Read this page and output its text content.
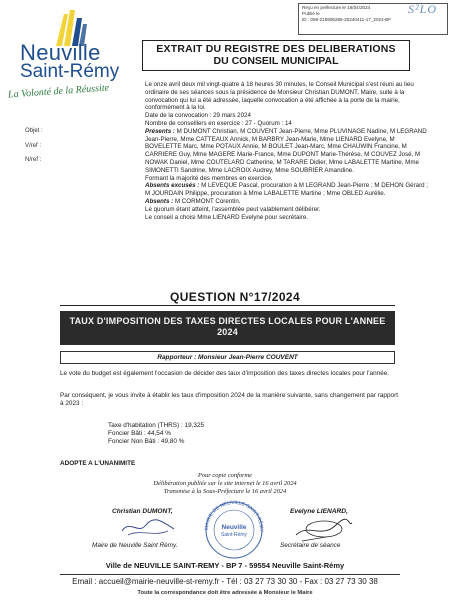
Reçu en préfecture le 16/04/2024
Publié le
ID : 059-215906285-20240411-17_2024-BF
S²LO
Neuville
Saint-Rémy
La Volonté de la Réussite
EXTRAIT DU REGISTRE DES DELIBERATIONS
DU CONSEIL MUNICIPAL
Objet :
V/ref :
N/ref :

Le onze avril deux mil vingt-quatre à 18 heures 30 minutes, le Conseil Municipal s'est réuni au lieu ordinaire de ses séances sous la présidence de Monsieur Christian DUMONT, Maire, suite à la convocation qui lui a été adressée, laquelle convocation a été affichée à la porte de la mairie, conformément à la loi.

Date de la convocation : 29 mars 2024

Nombre de conseillers en exercice : 27 - Quorum : 14

Présents : M DUMONT Christian, M COUVENT Jean-Pierre, Mme PLUVINAGE Nadine, M LEGRAND Jean-Pierre, Mme CATTEAUX Annick, M BARBRY Jean-Marie, Mme LIENARD Evelyne, M BOVELETTE Marc, Mme POTAUX Annie, M BOULET Jean-Marc, Mme CHAUWIN Francine, M CARRIERE Guy, Mme MAGERE Marie-France, Mme DUPONT Marie-Thérèse, M COUVEZ José, M NOWAK Daniel, Mme COUTELARD Catherine, M TARARE Didier, Mme LABALETTE Martine, Mme SIMONETTI Sandrine, Mme LACROIX Audrey, Mme SOUBRIER Amandine.

Formant la majorité des membres en exercice.

Absents excusés : M LEVEQUE Pascal, procuration à M LEGRAND Jean-Pierre ; M DEHON Gérard ; M JOURDAIN Philippe, procuration à Mme LABALETTE Martine ; Mme OBLED Aurélie.

Absents : M CORMONT Corentin.

Le quorum étant atteint, l'assemblée peut valablement délibérer.

Le conseil a choisi Mme LIENARD Evelyne pour secrétaire.

QUESTION N°17/2024
TAUX D'IMPOSITION DES TAXES DIRECTES LOCALES POUR L'ANNEE
2024
Rapporteur : Monsieur Jean-Pierre COUVENT
Le vote du budget est également l'occasion de décider des taux d'imposition des taxes directes locales pour l'année.
Par conséquent, je vous invite à établir les taux d'imposition 2024 de la manière suivante, sans changement par rapport à 2023 :
Taxe d'habitation (THRS) : 19,325
Foncier Bâti : 44,54 %
Foncier Non Bâti : 49,80 %
ADOPTE A L'UNANIMITE
Pour copie conforme
Délibération publiée sur le site internet le 16 avril 2024
Transmise à la Sous-Préfecture le 16 avril 2024
Christian DUMONT,
Maire de Neuville Saint Rémy.
Evelyne LIENARD,
Secrétaire de séance
MAIRIE DE NEUVILLE SAINT-RÉMY
Neuville
Saint-Rémy
Ville de NEUVILLE SAINT-REMY - BP 7 - 59554 Neuville Saint-Rémy
Email : accueil@mairie-neuville-st-remy.fr - Tél : 03 27 73 30 30 - Fax : 03 27 73 30 38
Toute la correspondance doit être adressée à Monsieur le Maire
